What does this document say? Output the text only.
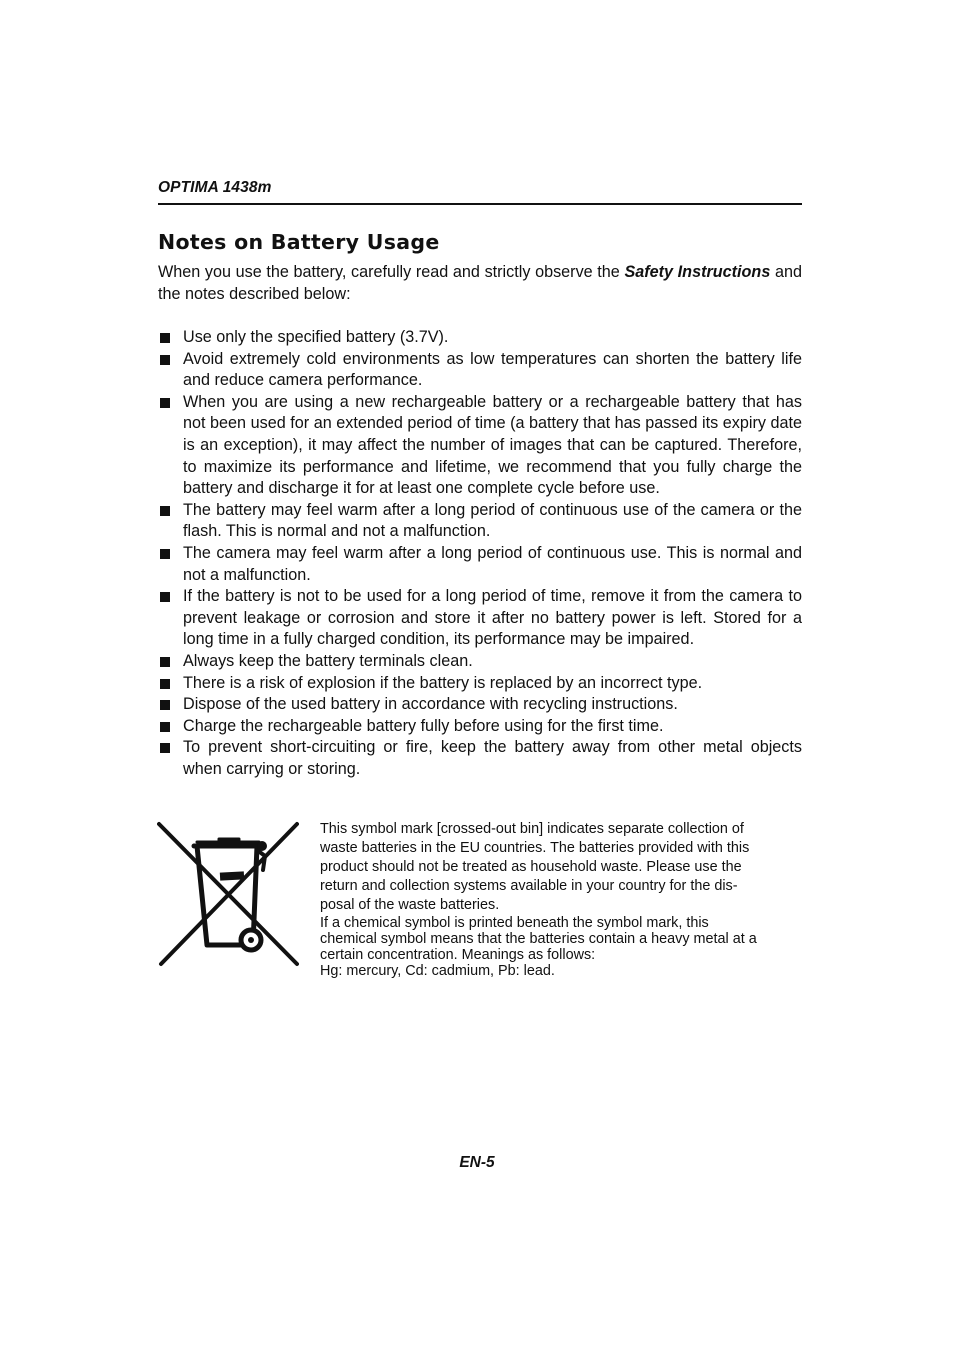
OPTIMA 1438m
Notes on Battery Usage
When you use the battery, carefully read and strictly observe the Safety Instructions and the notes described below:
Use only the specified battery (3.7V).
Avoid extremely cold environments as low temperatures can shorten the battery life and reduce camera performance.
When you are using a new rechargeable battery or a rechargeable battery that has not been used for an extended period of time (a battery that has passed its expiry date is an exception), it may affect the number of images that can be captured. Therefore, to maximize its performance and lifetime, we recommend that you fully charge the battery and discharge it for at least one complete cycle before use.
The battery may feel warm after a long period of continuous use of the camera or the flash. This is normal and not a malfunction.
The camera may feel warm after a long period of continuous use. This is normal and not a malfunction.
If the battery is not to be used for a long period of time, remove it from the camera to prevent leakage or corrosion and store it after no battery power is left. Stored for a long time in a fully charged condition, its performance may be impaired.
Always keep the battery terminals clean.
There is a risk of explosion if the battery is replaced by an incorrect type.
Dispose of the used battery in accordance with recycling instructions.
Charge the rechargeable battery fully before using for the first time.
To prevent short-circuiting or fire, keep the battery away from other metal objects when carrying or storing.
This symbol mark [crossed-out bin] indicates separate collection of
waste batteries in the EU countries. The batteries provided with this
product should not be treated as household waste. Please use the
return and collection systems available in your country for the dis-
posal of the waste batteries.
If a chemical symbol is printed beneath the symbol mark, this
chemical symbol means that the batteries contain a heavy metal at a
certain concentration. Meanings as follows:
Hg: mercury, Cd: cadmium, Pb: lead.
EN-5
